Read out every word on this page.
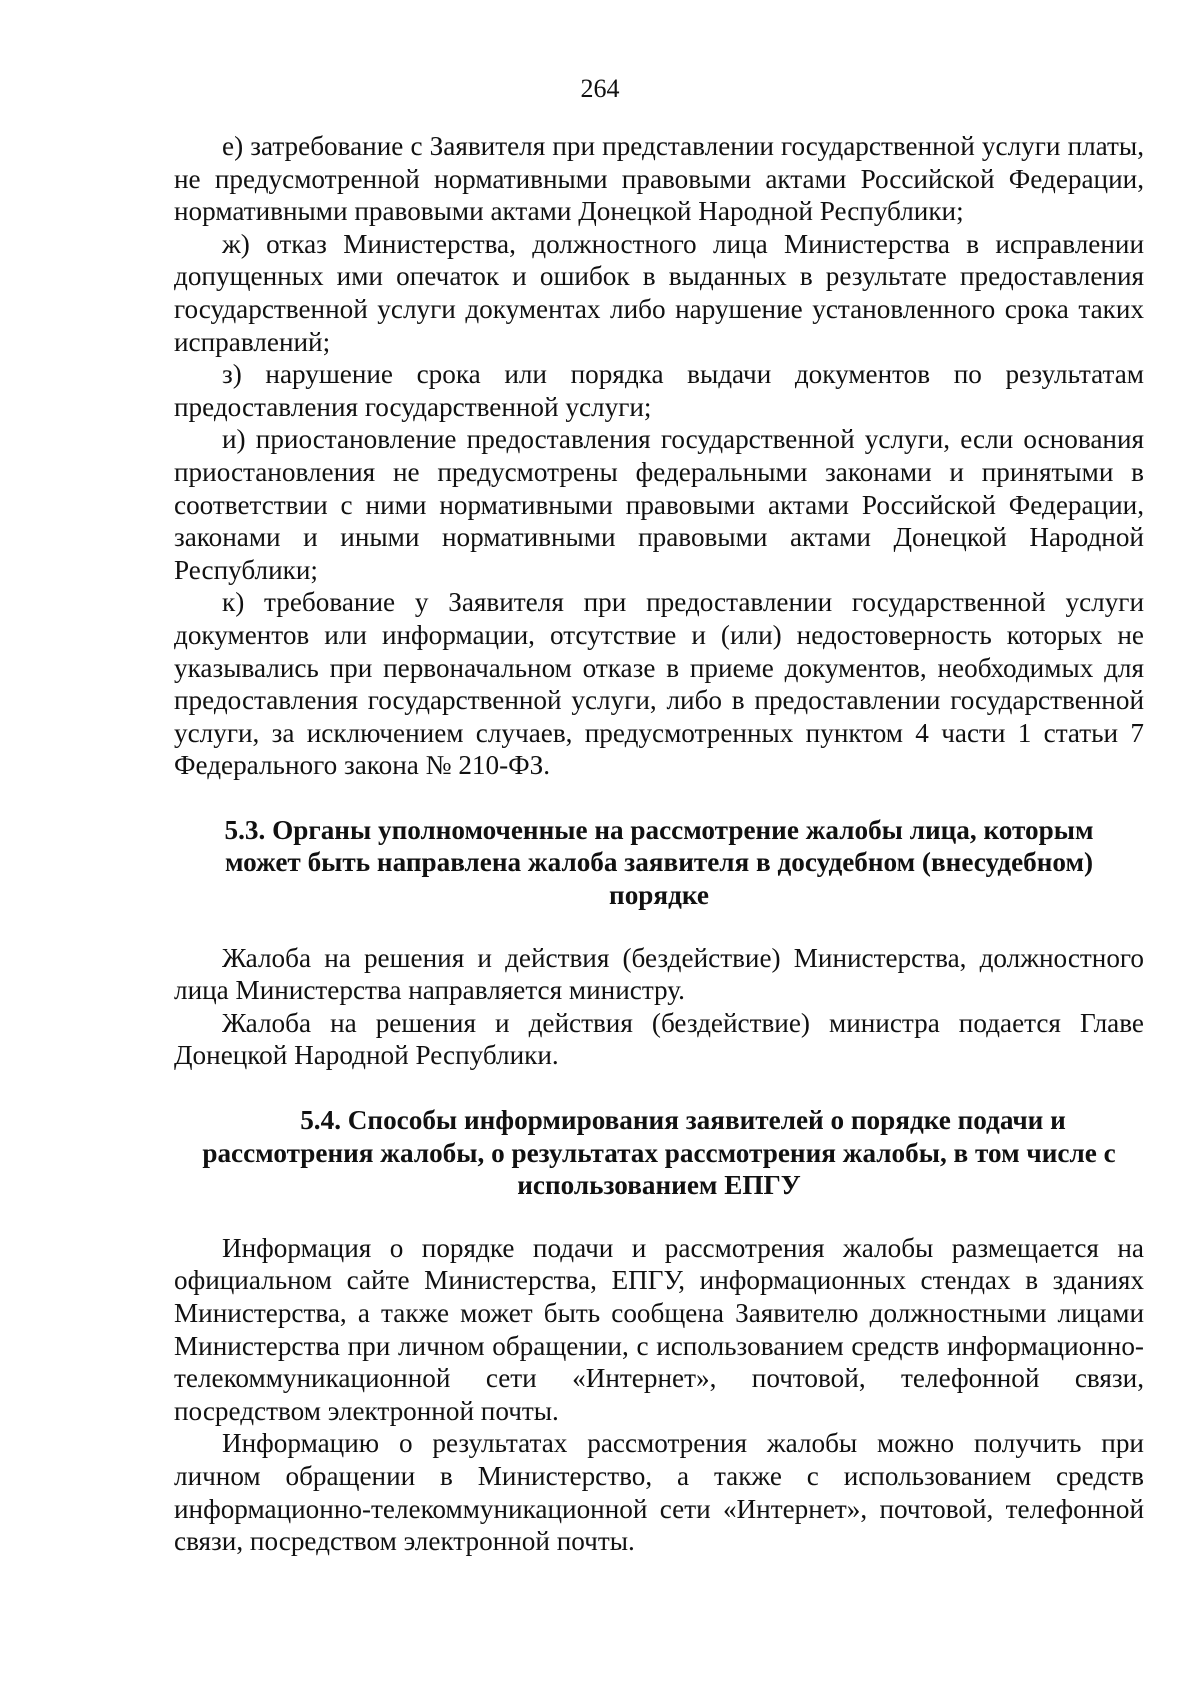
264

е) затребование с Заявителя при представлении государственной услуги платы, не предусмотренной нормативными правовыми актами Российской Федерации, нормативными правовыми актами Донецкой Народной Республики;

ж) отказ Министерства, должностного лица Министерства в исправлении допущенных ими опечаток и ошибок в выданных в результате предоставления государственной услуги документах либо нарушение установленного срока таких исправлений;

з) нарушение срока или порядка выдачи документов по результатам предоставления государственной услуги;

и) приостановление предоставления государственной услуги, если основания приостановления не предусмотрены федеральными законами и принятыми в соответствии с ними нормативными правовыми актами Российской Федерации, законами и иными нормативными правовыми актами Донецкой Народной Республики;

к) требование у Заявителя при предоставлении государственной услуги документов или информации, отсутствие и (или) недостоверность которых не указывались при первоначальном отказе в приеме документов, необходимых для предоставления государственной услуги, либо в предоставлении государственной услуги, за исключением случаев, предусмотренных пунктом 4 части 1 статьи 7 Федерального закона № 210-ФЗ.

5.3. Органы уполномоченные на рассмотрение жалобы лица, которым может быть направлена жалоба заявителя в досудебном (внесудебном) порядке

Жалоба на решения и действия (бездействие) Министерства, должностного лица Министерства направляется министру.

Жалоба на решения и действия (бездействие) министра подается Главе Донецкой Народной Республики.

5.4. Способы информирования заявителей о порядке подачи и рассмотрения жалобы, о результатах рассмотрения жалобы, в том числе с использованием ЕПГУ

Информация о порядке подачи и рассмотрения жалобы размещается на официальном сайте Министерства, ЕПГУ, информационных стендах в зданиях Министерства, а также может быть сообщена Заявителю должностными лицами Министерства при личном обращении, с использованием средств информационно-телекоммуникационной сети «Интернет», почтовой, телефонной связи, посредством электронной почты.

Информацию о результатах рассмотрения жалобы можно получить при личном обращении в Министерство, а также с использованием средств информационно-телекоммуникационной сети «Интернет», почтовой, телефонной связи, посредством электронной почты.
